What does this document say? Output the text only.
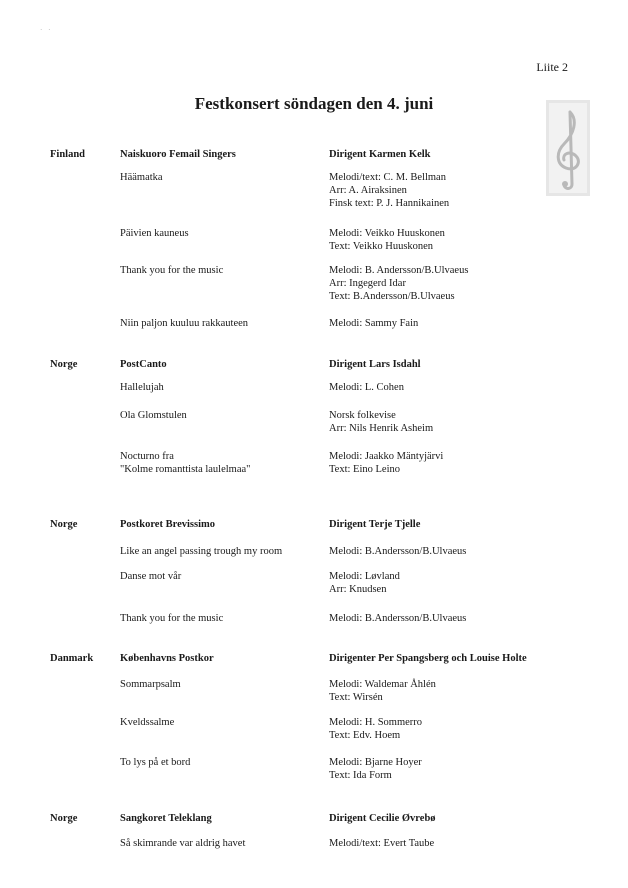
· ·
Liite 2
Festkonsert söndagen den 4. juni
Finland	Naiskuoro Femail Singers	Dirigent Karmen Kelk
Häämatka	Melodi/text: C. M. Bellman
Arr: A. Airaksinen
Finsk text: P. J. Hannikainen
Päivien kauneus	Melodi: Veikko Huuskonen
Text: Veikko Huuskonen
Thank you for the music	Melodi: B. Andersson/B.Ulvaeus
Arr: Ingegerd Idar
Text: B.Andersson/B.Ulvaeus
Niin paljon kuuluu rakkauteen	Melodi: Sammy Fain
Norge	PostCanto	Dirigent Lars Isdahl
Hallelujah	Melodi: L. Cohen
Ola Glomstulen	Norsk folkevise
Arr: Nils Henrik Asheim
Nocturno fra
"Kolme romanttista laulelmaa"
Melodi: Jaakko Mäntyjärvi
Text: Eino Leino
Norge	Postkoret Brevissimo	Dirigent Terje Tjelle
Like an angel passing trough my room	Melodi: B.Andersson/B.Ulvaeus
Danse mot vår	Melodi: Løvland
Arr: Knudsen
Thank you for the music	Melodi: B.Andersson/B.Ulvaeus
Danmark	Københavns Postkor	Dirigenter Per Spangsberg och Louise Holte
Sommarpsalm	Melodi: Waldemar Åhlén
Text: Wirsén
Kveldssalme	Melodi: H. Sommerro
Text: Edv. Hoem
To lys på et bord	Melodi: Bjarne Hoyer
Text: Ida Form
Norge	Sangkoret Teleklang	Dirigent Cecilie Øvrebø
Så skimrande var aldrig havet	Melodi/text: Evert Taube
